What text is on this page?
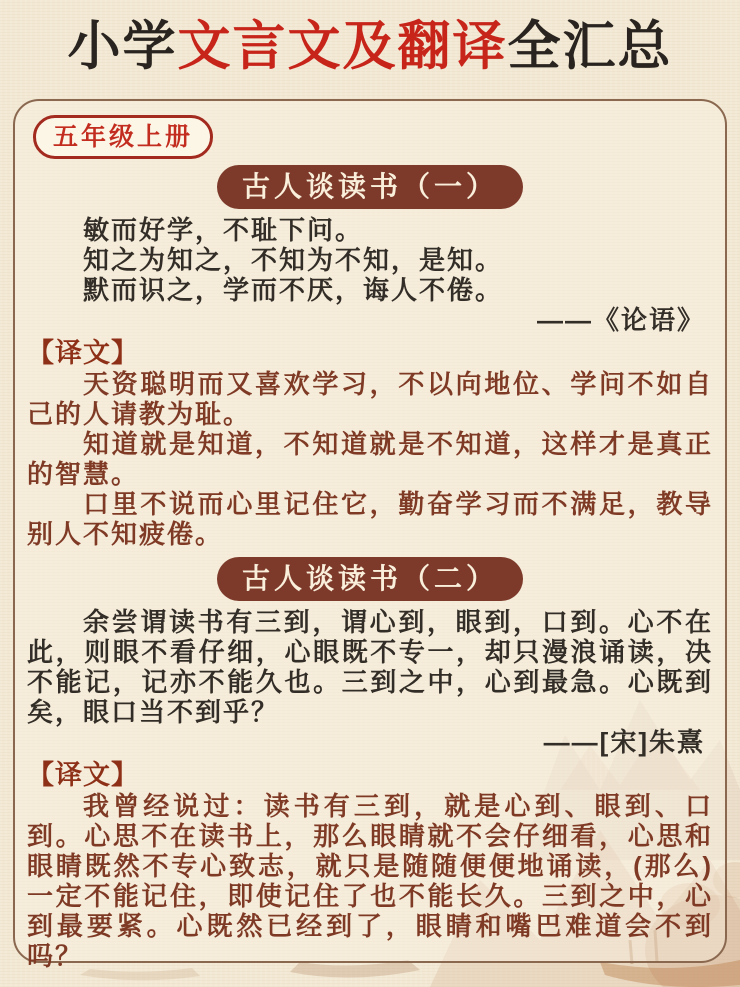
小学文言文及翻译全汇总
五年级上册
古人谈读书（一）
敏而好学，不耻下问。
知之为知之，不知为不知，是知。
默而识之，学而不厌，诲人不倦。
——《论语》
【译文】

天资聪明而又喜欢学习，不以向地位、学问不如自己的人请教为耻。

知道就是知道，不知道就是不知道，这样才是真正的智慧。

口里不说而心里记住它，勤奋学习而不满足，教导别人不知疲倦。

古人谈读书（二）

余尝谓读书有三到，谓心到，眼到，口到。心不在此，则眼不看仔细，心眼既不专一，却只漫浪诵读，决不能记，记亦不能久也。三到之中，心到最急。心既到矣，眼口当不到乎？

——[宋]朱熹
【译文】

我曾经说过：读书有三到，就是心到、眼到、口到。心思不在读书上，那么眼睛就不会仔细看，心思和眼睛既然不专心致志，就只是随随便便地诵读，(那么)一定不能记住，即使记住了也不能长久。三到之中，心到最要紧。心既然已经到了，眼睛和嘴巴难道会不到吗？
